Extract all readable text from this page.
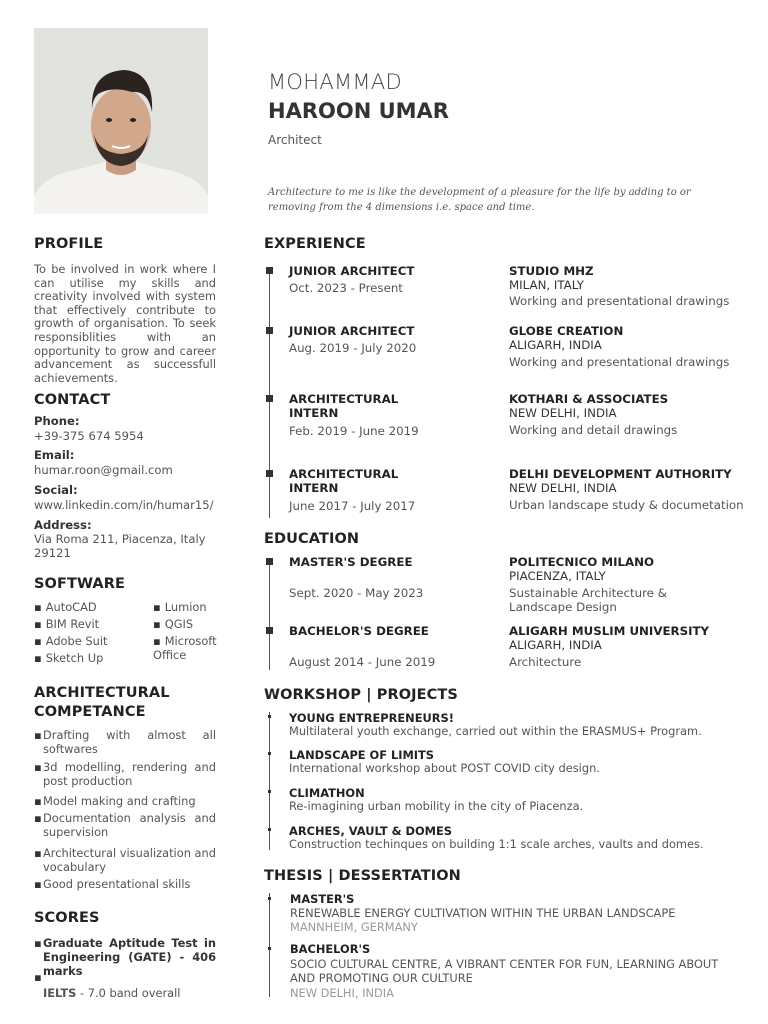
MOHAMMAD
HAROON UMAR
Architect
Architecture to me is like the development of a pleasure for the life by adding to or removing from the 4 dimensions i.e. space and time.
PROFILE
To be involved in work where I can utilise my skills and creativity involved with system that effectively contribute to growth of organisation. To seek responsiblities with an opportunity to grow and career advancement as successfull achievements.
CONTACT
Phone:
+39-375 674 5954
Email:
humar.roon@gmail.com
Social:
www.linkedin.com/in/humar15/
Address:
Via Roma 211, Piacenza, Italy 29121
SOFTWARE
▪ AutoCAD
▪ BIM Revit
▪ Adobe Suit
▪ Sketch Up
▪ Lumion
▪ QGIS
▪ Microsoft Office
ARCHITECTURAL
COMPETANCE
▪ Drafting with almost all softwares
▪ 3d modelling, rendering and post production
▪ Model making and crafting
▪ Documentation analysis and supervision
▪ Architectural visualization and vocabulary
▪ Good presentational skills
SCORES
▪ Graduate Aptitude Test in Engineering (GATE) - 406 marks
▪
IELTS - 7.0 band overall
EXPERIENCE
JUNIOR ARCHITECT
Oct. 2023 - Present
STUDIO MHZ
MILAN, ITALY
Working and presentational drawings
JUNIOR ARCHITECT
Aug. 2019 - July 2020
GLOBE CREATION
ALIGARH, INDIA
Working and presentational drawings
ARCHITECTURAL INTERN
Feb. 2019 - June 2019
KOTHARI & ASSOCIATES
NEW DELHI, INDIA
Working and detail drawings
ARCHITECTURAL INTERN
June 2017 - July 2017
DELHI DEVELOPMENT AUTHORITY
NEW DELHI, INDIA
Urban landscape study & documetation
EDUCATION
MASTER'S DEGREE
Sept. 2020 - May 2023
POLITECNICO MILANO
PIACENZA, ITALY
Sustainable Architecture & Landscape Design
BACHELOR'S DEGREE
August 2014 - June 2019
ALIGARH MUSLIM UNIVERSITY
ALIGARH, INDIA
Architecture
WORKSHOP | PROJECTS
YOUNG ENTREPRENEURS!
Multilateral youth exchange, carried out within the ERASMUS+ Program.
LANDSCAPE OF LIMITS
International workshop about POST COVID city design.
CLIMATHON
Re-imagining urban mobility in the city of Piacenza.
ARCHES, VAULT & DOMES
Construction techinques on building 1:1 scale arches, vaults and domes.
THESIS | DESSERTATION
MASTER'S
RENEWABLE ENERGY CULTIVATION WITHIN THE URBAN LANDSCAPE
MANNHEIM, GERMANY
BACHELOR'S
SOCIO CULTURAL CENTRE, A VIBRANT CENTER FOR FUN, LEARNING ABOUT AND PROMOTING OUR CULTURE
NEW DELHI, INDIA
